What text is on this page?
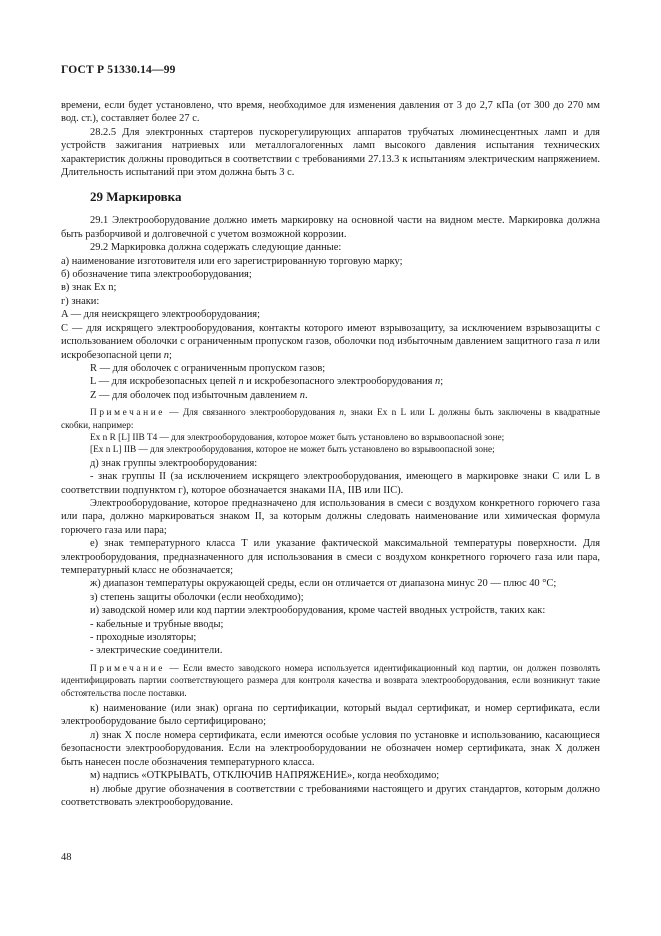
ГОСТ Р 51330.14—99

времени, если будет установлено, что время, необходимое для изменения давления от 3 до 2,7 кПа (от 300 до 270 мм вод. ст.), составляет более 27 с.

28.2.5 Для электронных стартеров пускорегулирующих аппаратов трубчатых люминесцентных ламп и для устройств зажигания натриевых или металлогалогенных ламп высокого давления испытания технических характеристик должны проводиться в соответствии с требованиями 27.13.3 к испытаниям электрическим напряжением. Длительность испытаний при этом должна быть 3 с.

29 Маркировка

29.1 Электрооборудование должно иметь маркировку на основной части на видном месте. Маркировка должна быть разборчивой и долговечной с учетом возможной коррозии.

29.2 Маркировка должна содержать следующие данные:

а) наименование изготовителя или его зарегистрированную торговую марку;

б) обозначение типа электрооборудования;

в) знак Ex n;

г) знаки:

A — для неискрящего электрооборудования;

C — для искрящего электрооборудования, контакты которого имеют взрывозащиту, за исключением взрывозащиты с использованием оболочки с ограниченным пропуском газов, оболочки под избыточным давлением защитного газа n или искробезопасной цепи n;

R — для оболочек с ограниченным пропуском газов;

L — для искробезопасных цепей n и искробезопасного электрооборудования n;

Z — для оболочек под избыточным давлением n.

Примечание — Для связанного электрооборудования n, знаки Ex n L или L должны быть заключены в квадратные скобки, например:

Ex n R [L] IIB T4 — для электрооборудования, которое может быть установлено во взрывоопасной зоне;

[Ex n L] IIB — для электрооборудования, которое не может быть установлено во взрывоопасной зоне;

д) знак группы электрооборудования:

- знак группы II (за исключением искрящего электрооборудования, имеющего в маркировке знаки С или L в соответствии подпунктом г), которое обозначается знаками IIA, IIB или IIC).

Электрооборудование, которое предназначено для использования в смеси с воздухом конкретного горючего газа или пара, должно маркироваться знаком II, за которым должны следовать наименование или химическая формула горючего газа или пара;

е) знак температурного класса Т или указание фактической максимальной температуры поверхности. Для электрооборудования, предназначенного для использования в смеси с воздухом конкретного горючего газа или пара, температурный класс не обозначается;

ж) диапазон температуры окружающей среды, если он отличается от диапазона минус 20 — плюс 40 °С;

з) степень защиты оболочки (если необходимо);

и) заводской номер или код партии электрооборудования, кроме частей вводных устройств, таких как:

- кабельные и трубные вводы;

- проходные изоляторы;

- электрические соединители.

Примечание — Если вместо заводского номера используется идентификационный код партии, он должен позволять идентифицировать партии соответствующего размера для контроля качества и возврата электрооборудования, если возникнут такие обстоятельства после поставки.

к) наименование (или знак) органа по сертификации, который выдал сертификат, и номер сертификата, если электрооборудование было сертифицировано;

л) знак Х после номера сертификата, если имеются особые условия по установке и использованию, касающиеся безопасности электрооборудования. Если на электрооборудовании не обозначен номер сертификата, знак Х должен быть нанесен после обозначения температурного класса.

м) надпись «ОТКРЫВАТЬ, ОТКЛЮЧИВ НАПРЯЖЕНИЕ», когда необходимо;

н) любые другие обозначения в соответствии с требованиями настоящего и других стандартов, которым должно соответствовать электрооборудование.

48
